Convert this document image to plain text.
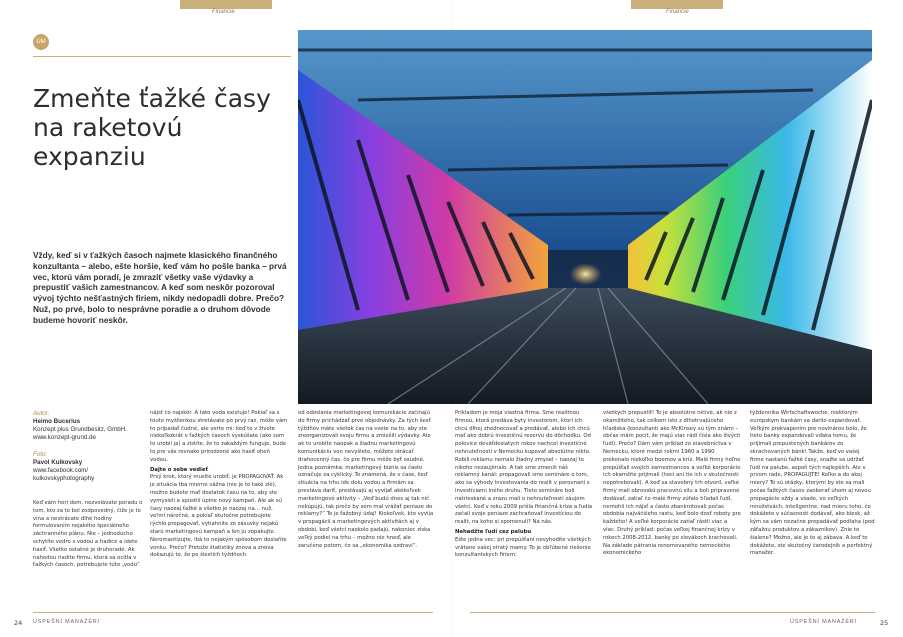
Financie	Financie
UM
Zmeňte ťažké časy na raketovú expanziu
Vždy, keď si v ťažkých časoch najmete klasického finančného konzultanta – alebo, ešte horšie, keď vám ho pošle banka – prvá vec, ktorú vám poradí, je zmraziť všetky vaše výdavky a prepustiť vašich zamestnancov. A keď som neskôr pozoroval vývoj týchto nešťastných firiem, nikdy nedopadli dobre. Prečo? Nuž, po prvé, bolo to nesprávne poradie a o druhom dôvode budeme hovoriť neskôr.
Autor:
Heimo Bucerius
Konzept plus Grundbesitz, GmbH.
www.konzept-grund.de
Foto:
Pavol Kulkovsky
www.facebook.com/
kulkovskyphotography

Keď vám hori dom, nezvolávate poradu o tom, kto za to bol zodpovedný, čiže je to vina a nestrácate dlhé hodiny formulovaním nejakého špeciálneho záchranného plánu. Nie – jednoducho schytíte vedro s vodou a hadice a idete hasiť. Všetko ostatné je druhoradé. Ak nahodou riadite firmu, ktorá sa ocitla v ťažkých časoch, potrebujete túto „vodu“

nájsť čo najskôr. A táto voda existuje! Pokiaľ sa s touto myšlienkou stretávate po prvý raz, môže vám to pripadať čudné, ale verte mi: keď to v živote niekoľkokrát v ťažkých časoch vyskúšate (ako som to urobil ja) a zistíte, že to zakaždým funguje, bude to pre vás rovnako prirodzené ako hasiť oheň vodou.

Dajte o sebe vedieť

Prvý krok, ktorý musíte urobiť, je PROPAGOVAŤ. Ak je situácia tba mierne vážna (nie je to také zlé), možno budete mať dostatok času na to, aby ste vymysleli a spustili úplne nový kampaň. Ale ak sú časy naozaj ťažké a všetko je naozaj na… nuž, veľmi náročné, a pokiaľ skutočne potrebujete rýchlo propagovať, vytiahnite zo zásuvky nejakú starú marketingovú kampaň a len ju zopakujte. Neromantizujte, ibá to nejakým spôsobom doslaňte vonku. Prečo? Pretože štatistiky znova a znova dokazujú to, že po šiestich týždňoch

od odoslania marketingovej komunikácie začínajú do firmy prichádzať prvé objednávky. Za tých šesť týždňov máte všetok čas na svete na to, aby ste zreorganizovali svoju firmu a zmiešili výdavky. Ale ak to urobíte naopak a žiadnu marketingovú komunikáciu von nevyšlete, môžete strácať drahocenný čas, čo pre firmu môže byť osudné. Jedna poznámka: marketingový biznis sa často označuje za cyklický. To znamená, že v čase, keď situácia na trhu ide dolu vodou a firmám sa prestáva dariť, prestávajú aj vyvíjať akékoľvek marketingové aktivity – „Veď budú dnes aj tak nič nekúpujú, tak prečo by som mal vrážať peniaze do reklamy?“ To je ťažobný údaj! Kiokoľvek, kto vyvíja v propagácii a marketingových aktivitách aj v období, keď všetci naokolo padajú, nakoniec získa veľký podiel na trhu – možno nie hneď, ale zaručene potom, čo sa „ekonomika ozdravi“.

Príkladom je moja vlastná firma. Sme realitnou firmou, ktorá predáva byty investorom, ktorí ich chcú dlhej zhodnocovať a predávať, alebo ich chcú mať ako dobrú investičnú rezervu do dôchodku. Od polovice deväťdesiatych rokov nachcel investičné nehnuteľnosti v Nemecku kupovať absolútne nikto. Robili reklamu nemalo žiadny zmysel – naozaj to nikoho nezaujímalo. A tak sme zmenili náš reklamný kanál: propagovali sme semináre o tom, ako sa výhody investovania do realít v porovnaní s investíciami iného druhu. Tieto semináre boli natrieskané a zrazu mali o nehnuteľnosti záujem všetci. Keď v roku 2009 prišla finančná kríza a ľudia začali svoje peniaze zachraňovať investíciou do realít, na koho si spomenuli? Na nás.

Nehadžte ľudí cez palubu

Ešte jedna vec: pri prepúšťaní nevyhodíte všetkých vrátane vašej stratý mamy. To je obľúbené riešenie konzultantských firiem:

všetkých prepustiť! To je absolútne ničivé, ak nie z okamžitého, tak celkom isto z dlhotrvajúceho hľadiska (konzultanti ako McKinsey sú tým známi – občas mám pocit, že majú viac rádí čísla ako živých ľudí). Prečo? Dám vám príklad zo stavebníctva v Nemecku, ktoré medzi rokmi 1960 a 1990 prekonalo niekoľko boomov a kríz. Malé firmy hoľne prepúšťali svojich zamestnancov a veľké korporácie ich okamžite prijímali (hoci ani tie ich v skutočnosti nepotrebovali). A keď sa stavebný trh otvoril, veľké firmy mali obrovskú pracovnú silu a boli pripravené dodávať, zatiaľ čo malé firmy zúfalo hľadali ľudí, nemohli ich nájsť a často zbankrotovali počas obdobia najväčšieho rastu, keď bolo dosť roboty pre každého! A veľké korporácie zatiaľ rástli viac a viac. Druhý príklad: počas veľkej finančnej krízy v rokoch 2008-2012, banky po slovákoch krachovali. Na základe pátrania renomovaného nemeckého ekonomického

týždenníka Wirtschaftswoche, niektorým európskym bankám sa darilo expandovať. Veľkým prekvapením pre novinárov bolo, že tieto banky expandovali vďaka tomu, že prijímali prepustených bankárov zo skrachovaných bánk! Takže, keď vo vašej firme nastanú ťažké časy, snažte sa udržať ľudí na palube, aspoň tých najlepších. Ale v prvom rade, PROPAGUJTE! Koľko a do akej miery? To sú otázky, ktorými by ste sa mali počas ťažkých časov zaoberať úhom aj novou propagácie vždy a všade, vo veľkých množstvách, inteligentne, nad mieru toho, čo dokážete v súčasnosti dodávať, ako blesk, až kým sa vám nezačne prepadávať podlaha (pod záťažou produktov a zákazníkov). Znie to šialene? Možno, ale je to aj zábava. A keď to dokážete, ste skutočný čarodejník a perfektný manažér.

24 ÚSPEŠNÍ MANAŽÉRI	ÚSPEŠNÍ MANAŽÉRI	25
